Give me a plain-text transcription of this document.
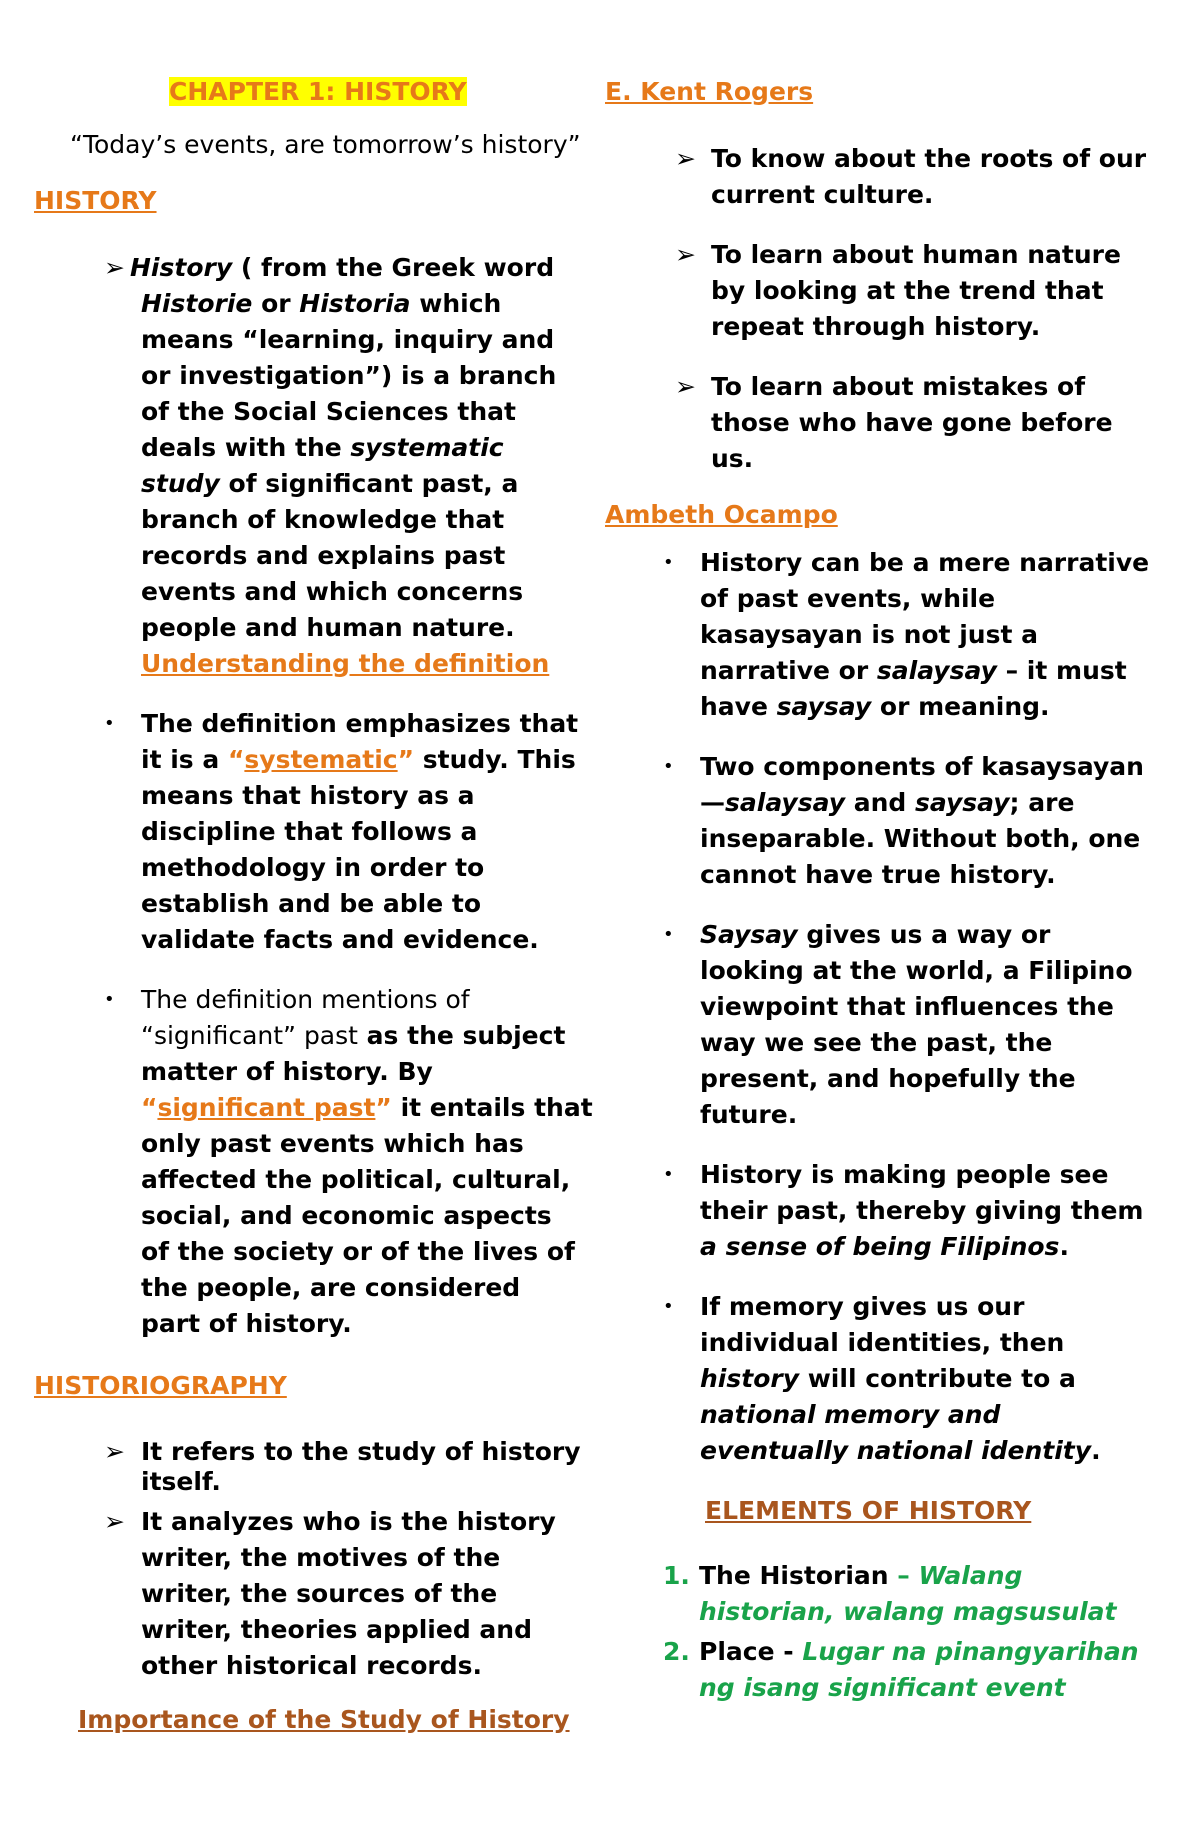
CHAPTER 1: HISTORY
“Today’s events, are tomorrow’s history”
HISTORY
➢ History ( from the Greek word
Historie or Historia which
means “learning, inquiry and
or investigation”) is a branch
of the Social Sciences that
deals with the systematic
study of significant past, a
branch of knowledge that
records and explains past
events and which concerns
people and human nature.
Understanding the definition
• The definition emphasizes that
it is a “systematic” study. This
means that history as a
discipline that follows a
methodology in order to
establish and be able to
validate facts and evidence.
• The definition mentions of
“significant” past as the subject
matter of history. By
“significant past” it entails that
only past events which has
affected the political, cultural,
social, and economic aspects
of the society or of the lives of
the people, are considered
part of history.
HISTORIOGRAPHY
➢ It refers to the study of history
itself.
➢ It analyzes who is the history
writer, the motives of the
writer, the sources of the
writer, theories applied and
other historical records.
Importance of the Study of History
E. Kent Rogers
➢ To know about the roots of our
current culture.
➢ To learn about human nature
by looking at the trend that
repeat through history.
➢ To learn about mistakes of
those who have gone before
us.
Ambeth Ocampo
• History can be a mere narrative
of past events, while
kasaysayan is not just a
narrative or salaysay – it must
have saysay or meaning.
• Two components of kasaysayan
—salaysay and saysay; are
inseparable. Without both, one
cannot have true history.
• Saysay gives us a way or
looking at the world, a Filipino
viewpoint that influences the
way we see the past, the
present, and hopefully the
future.
• History is making people see
their past, thereby giving them
a sense of being Filipinos.
• If memory gives us our
individual identities, then
history will contribute to a
national memory and
eventually national identity.
ELEMENTS OF HISTORY
1. The Historian – Walang
historian, walang magsusulat
2. Place - Lugar na pinangyarihan
ng isang significant event
